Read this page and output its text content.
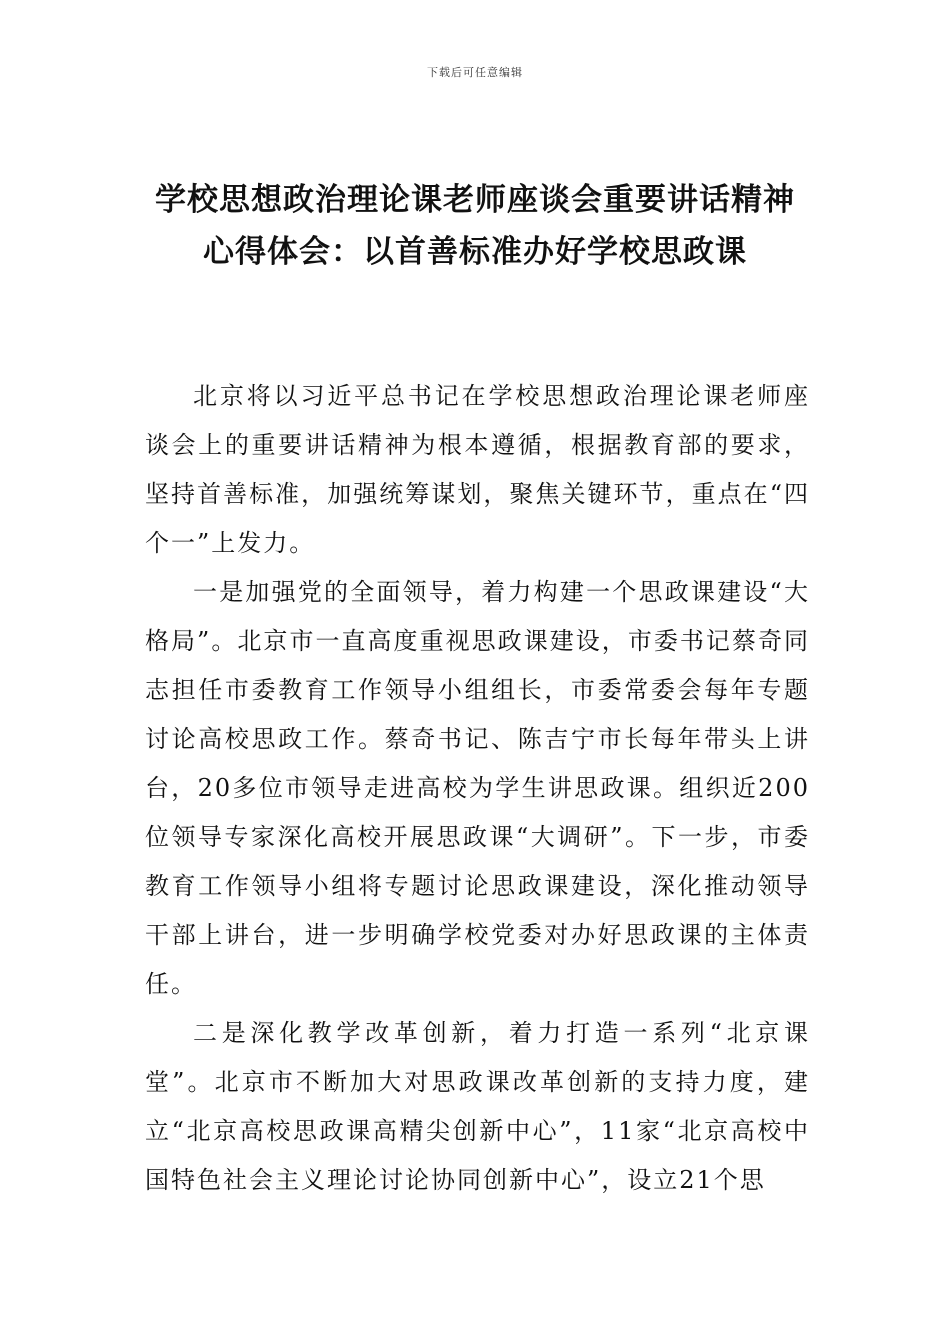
下载后可任意编辑
学校思想政治理论课老师座谈会重要讲话精神心得体会：以首善标准办好学校思政课

北京将以习近平总书记在学校思想政治理论课老师座谈会上的重要讲话精神为根本遵循，根据教育部的要求，坚持首善标准，加强统筹谋划，聚焦关键环节，重点在“四个一”上发力。

一是加强党的全面领导，着力构建一个思政课建设“大格局”。北京市一直高度重视思政课建设，市委书记蔡奇同志担任市委教育工作领导小组组长，市委常委会每年专题讨论高校思政工作。蔡奇书记、陈吉宁市长每年带头上讲台，20多位市领导走进高校为学生讲思政课。组织近200位领导专家深化高校开展思政课“大调研”。下一步，市委教育工作领导小组将专题讨论思政课建设，深化推动领导干部上讲台，进一步明确学校党委对办好思政课的主体责任。

二是深化教学改革创新，着力打造一系列“北京课堂”。北京市不断加大对思政课改革创新的支持力度，建立“北京高校思政课高精尖创新中心”，11家“北京高校中国特色社会主义理论讨论协同创新中心”，设立21个思
